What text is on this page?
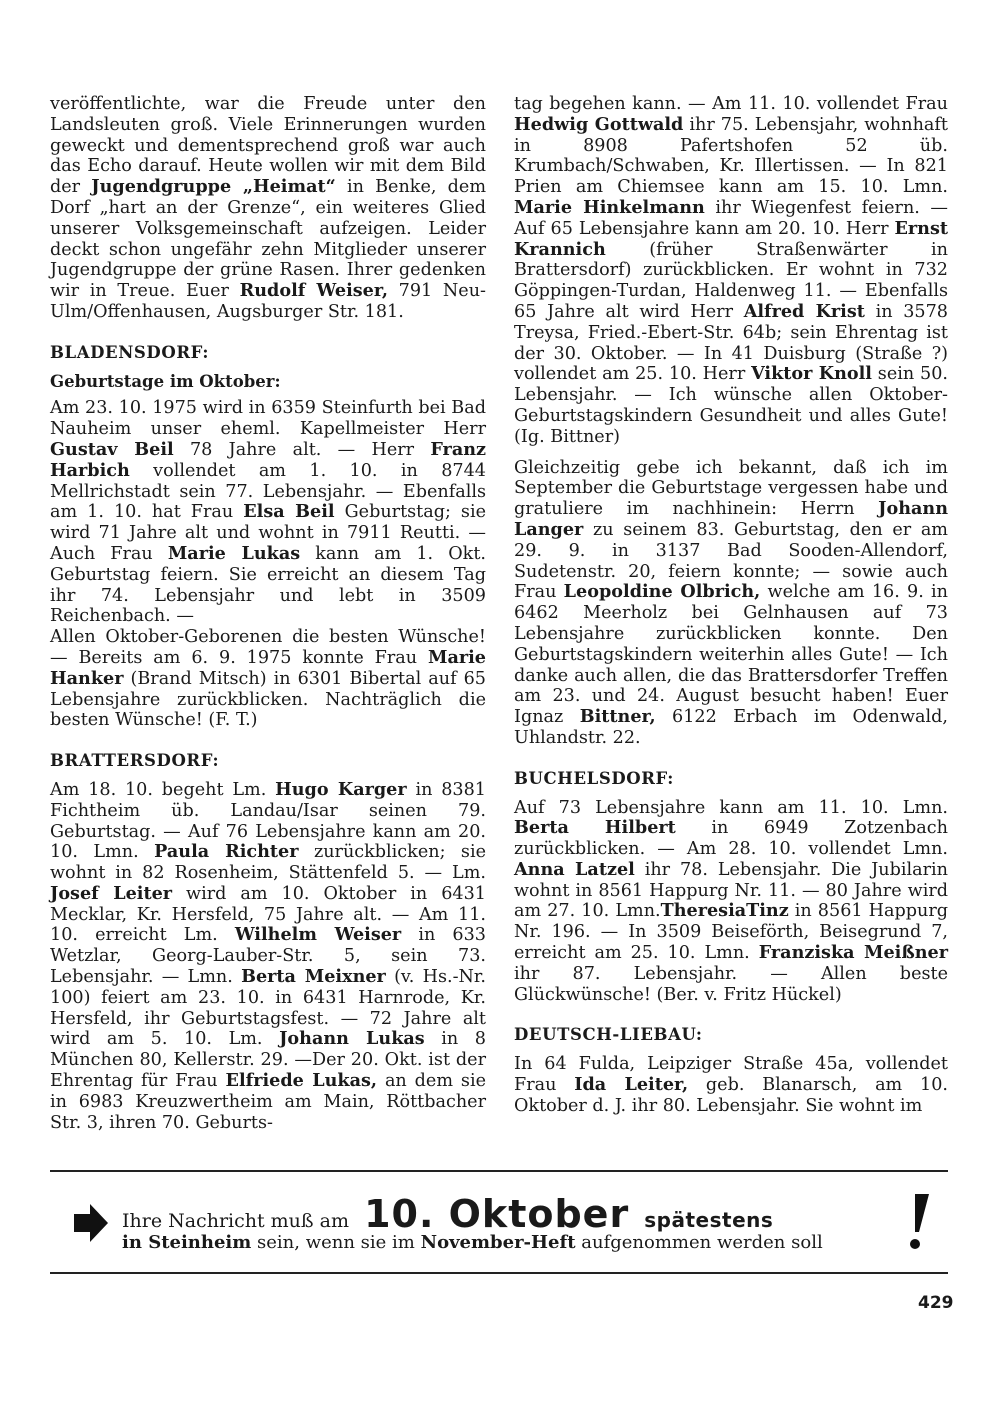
veröffentlichte, war die Freude unter den Landsleuten groß. Viele Erinnerungen wurden geweckt und dementsprechend groß war auch das Echo darauf. Heute wollen wir mit dem Bild der Jugendgruppe „Heimat“ in Benke, dem Dorf „hart an der Grenze“, ein weiteres Glied unserer Volksgemeinschaft aufzeigen. Leider deckt schon ungefähr zehn Mitglieder unserer Jugendgruppe der grüne Rasen. Ihrer gedenken wir in Treue. Euer Rudolf Weiser, 791 Neu-Ulm/Offenhausen, Augsburger Str. 181.

BLADENSDORF:
Geburtstage im Oktober:

Am 23. 10. 1975 wird in 6359 Steinfurth bei Bad Nauheim unser eheml. Kapellmeister Herr Gustav Beil 78 Jahre alt. — Herr Franz Harbich vollendet am 1. 10. in 8744 Mellrichstadt sein 77. Lebensjahr. — Ebenfalls am 1. 10. hat Frau Elsa Beil Geburtstag; sie wird 71 Jahre alt und wohnt in 7911 Reutti. — Auch Frau Marie Lukas kann am 1. Okt. Geburtstag feiern. Sie erreicht an diesem Tag ihr 74. Lebensjahr und lebt in 3509 Reichenbach. —

Allen Oktober-Geborenen die besten Wünsche! — Bereits am 6. 9. 1975 konnte Frau Marie Hanker (Brand Mitsch) in 6301 Bibertal auf 65 Lebensjahre zurückblicken. Nachträglich die besten Wünsche! (F. T.)

BRATTERSDORF:

Am 18. 10. begeht Lm. Hugo Karger in 8381 Fichtheim üb. Landau/Isar seinen 79. Geburtstag. — Auf 76 Lebensjahre kann am 20. 10. Lmn. Paula Richter zurückblicken; sie wohnt in 82 Rosenheim, Stättenfeld 5. — Lm. Josef Leiter wird am 10. Oktober in 6431 Mecklar, Kr. Hersfeld, 75 Jahre alt. — Am 11. 10. erreicht Lm. Wilhelm Weiser in 633 Wetzlar, Georg-Lauber-Str. 5, sein 73. Lebensjahr. — Lmn. Berta Meixner (v. Hs.-Nr. 100) feiert am 23. 10. in 6431 Harnrode, Kr. Hersfeld, ihr Geburtstagsfest. — 72 Jahre alt wird am 5. 10. Lm. Johann Lukas in 8 München 80, Kellerstr. 29. —Der 20. Okt. ist der Ehrentag für Frau Elfriede Lukas, an dem sie in 6983 Kreuzwertheim am Main, Röttbacher Str. 3, ihren 70. Geburts-

tag begehen kann. — Am 11. 10. vollendet Frau Hedwig Gottwald ihr 75. Lebensjahr, wohnhaft in 8908 Pafertshofen 52 üb. Krumbach/Schwaben, Kr. Illertissen. — In 821 Prien am Chiemsee kann am 15. 10. Lmn. Marie Hinkelmann ihr Wiegenfest feiern. — Auf 65 Lebensjahre kann am 20. 10. Herr Ernst Krannich (früher Straßenwärter in Brattersdorf) zurückblicken. Er wohnt in 732 Göppingen-Turdan, Haldenweg 11. — Ebenfalls 65 Jahre alt wird Herr Alfred Krist in 3578 Treysa, Fried.-Ebert-Str. 64b; sein Ehrentag ist der 30. Oktober. — In 41 Duisburg (Straße ?) vollendet am 25. 10. Herr Viktor Knoll sein 50. Lebensjahr. — Ich wünsche allen Oktober-Geburtstagskindern Gesundheit und alles Gute! (Ig. Bittner)

Gleichzeitig gebe ich bekannt, daß ich im September die Geburtstage vergessen habe und gratuliere im nachhinein: Herrn Johann Langer zu seinem 83. Geburtstag, den er am 29. 9. in 3137 Bad Sooden-Allendorf, Sudetenstr. 20, feiern konnte; — sowie auch Frau Leopoldine Olbrich, welche am 16. 9. in 6462 Meerholz bei Gelnhausen auf 73 Lebensjahre zurückblicken konnte. Den Geburtstagskindern weiterhin alles Gute! — Ich danke auch allen, die das Brattersdorfer Treffen am 23. und 24. August besucht haben! Euer Ignaz Bittner, 6122 Erbach im Odenwald, Uhlandstr. 22.

BUCHELSDORF:

Auf 73 Lebensjahre kann am 11. 10. Lmn. Berta Hilbert in 6949 Zotzenbach zurückblicken. — Am 28. 10. vollendet Lmn. Anna Latzel ihr 78. Lebensjahr. Die Jubilarin wohnt in 8561 Happurg Nr. 11. — 80 Jahre wird am 27. 10. Lmn.TheresiaTinz in 8561 Happurg Nr. 196. — In 3509 Beiseförth, Beisegrund 7, erreicht am 25. 10. Lmn. Franziska Meißner ihr 87. Lebensjahr. — Allen beste Glückwünsche! (Ber. v. Fritz Hückel)

DEUTSCH-LIEBAU:

In 64 Fulda, Leipziger Straße 45a, vollendet Frau Ida Leiter, geb. Blanarsch, am 10. Oktober d. J. ihr 80. Lebensjahr. Sie wohnt im

Ihre Nachricht muß am 10. Oktober spätestens
in Steinheim sein, wenn sie im November-Heft aufgenommen werden soll
429
